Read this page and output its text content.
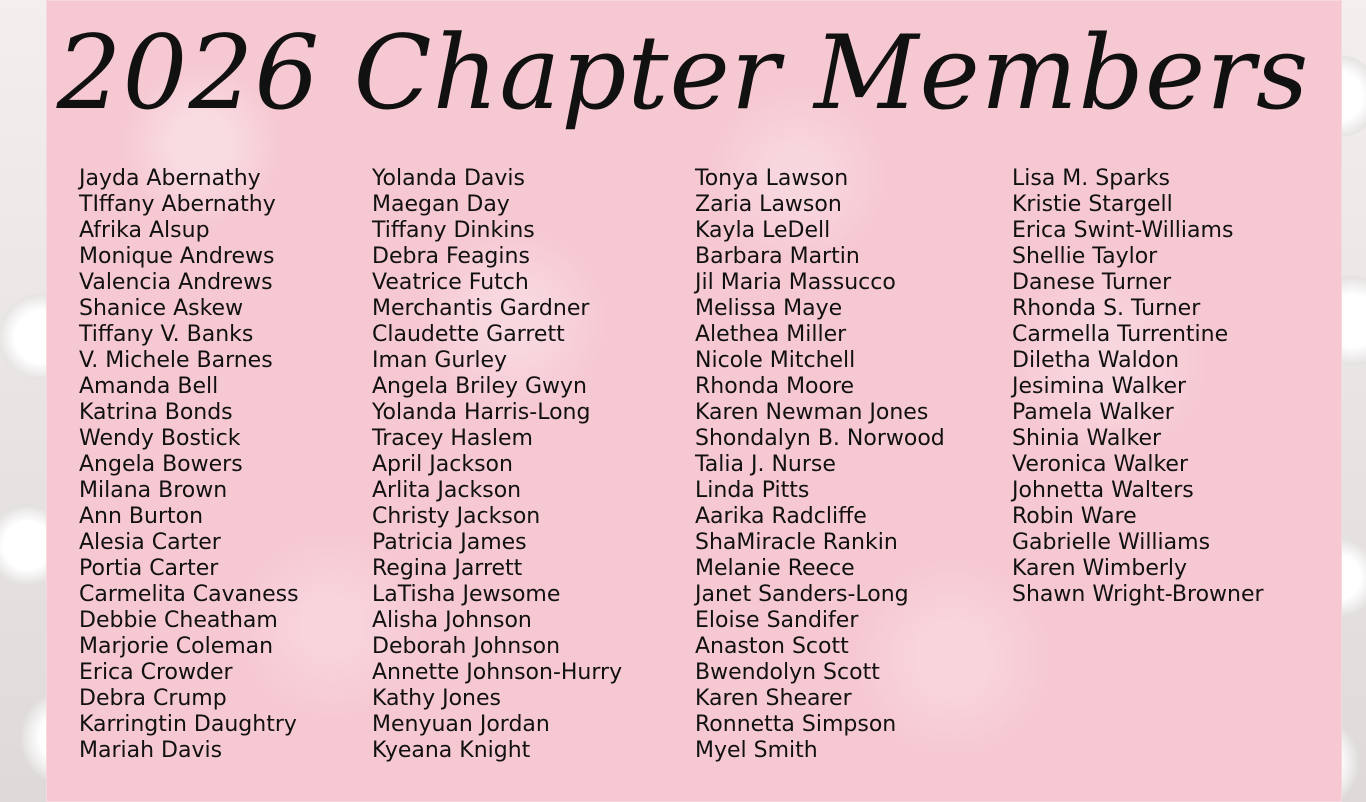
2026 Chapter Members
Jayda Abernathy
TIffany Abernathy
Afrika Alsup
Monique Andrews
Valencia Andrews
Shanice Askew
Tiffany V. Banks
V. Michele Barnes
Amanda Bell
Katrina Bonds
Wendy Bostick
Angela Bowers
Milana Brown
Ann Burton
Alesia Carter
Portia Carter
Carmelita Cavaness
Debbie Cheatham
Marjorie Coleman
Erica Crowder
Debra Crump
Karringtin Daughtry
Mariah Davis
Yolanda Davis
Maegan Day
Tiffany Dinkins
Debra Feagins
Veatrice Futch
Merchantis Gardner
Claudette Garrett
Iman Gurley
Angela Briley Gwyn
Yolanda Harris-Long
Tracey Haslem
April Jackson
Arlita Jackson
Christy Jackson
Patricia James
Regina Jarrett
LaTisha Jewsome
Alisha Johnson
Deborah Johnson
Annette Johnson-Hurry
Kathy Jones
Menyuan Jordan
Kyeana Knight
Tonya Lawson
Zaria Lawson
Kayla LeDell
Barbara Martin
Jil Maria Massucco
Melissa Maye
Alethea Miller
Nicole Mitchell
Rhonda Moore
Karen Newman Jones
Shondalyn B. Norwood
Talia J. Nurse
Linda Pitts
Aarika Radcliffe
ShaMiracle Rankin
Melanie Reece
Janet Sanders-Long
Eloise Sandifer
Anaston Scott
Bwendolyn Scott
Karen Shearer
Ronnetta Simpson
Myel Smith
Lisa M. Sparks
Kristie Stargell
Erica Swint-Williams
Shellie Taylor
Danese Turner
Rhonda S. Turner
Carmella Turrentine
Diletha Waldon
Jesimina Walker
Pamela Walker
Shinia Walker
Veronica Walker
Johnetta Walters
Robin Ware
Gabrielle Williams
Karen Wimberly
Shawn Wright-Browner
